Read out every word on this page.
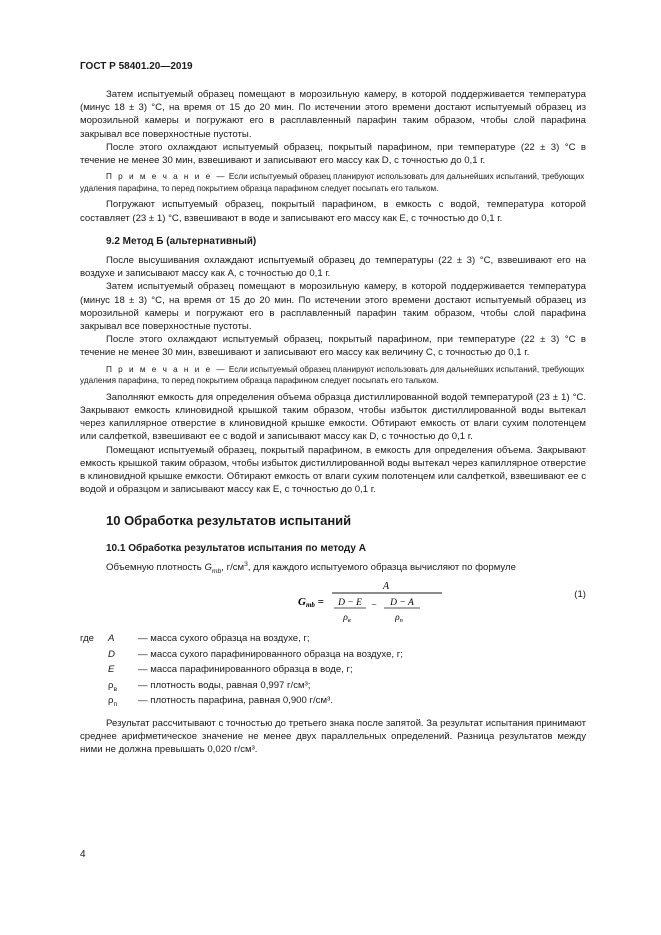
ГОСТ Р 58401.20—2019

Затем испытуемый образец помещают в морозильную камеру, в которой поддерживается температура (минус 18 ± 3) °С, на время от 15 до 20 мин. По истечении этого времени достают испытуемый образец из морозильной камеры и погружают его в расплавленный парафин таким образом, чтобы слой парафина закрывал все поверхностные пустоты.

После этого охлаждают испытуемый образец, покрытый парафином, при температуре (22 ± 3) °С в течение не менее 30 мин, взвешивают и записывают его массу как D, с точностью до 0,1 г.

П р и м е ч а н и е — Если испытуемый образец планируют использовать для дальнейших испытаний, требующих удаления парафина, то перед покрытием образца парафином следует посыпать его тальком.

Погружают испытуемый образец, покрытый парафином, в емкость с водой, температура которой составляет (23 ± 1) °С, взвешивают в воде и записывают его массу как E, с точностью до 0,1 г.

9.2 Метод Б (альтернативный)

После высушивания охлаждают испытуемый образец до температуры (22 ± 3) °С, взвешивают его на воздухе и записывают массу как A, с точностью до 0,1 г.

Затем испытуемый образец помещают в морозильную камеру, в которой поддерживается температура (минус 18 ± 3) °С, на время от 15 до 20 мин. По истечении этого времени достают испытуемый образец из морозильной камеры и погружают его в расплавленный парафин таким образом, чтобы слой парафина закрывал все поверхностные пустоты.

После этого охлаждают испытуемый образец, покрытый парафином, при температуре (22 ± 3) °С в течение не менее 30 мин, взвешивают и записывают его массу как величину C, с точностью до 0,1 г.

П р и м е ч а н и е — Если испытуемый образец планируют использовать для дальнейших испытаний, требующих удаления парафина, то перед покрытием образца парафином следует посыпать его тальком.

Заполняют емкость для определения объема образца дистиллированной водой температурой (23 ± 1) °С. Закрывают емкость клиновидной крышкой таким образом, чтобы избыток дистиллированной воды вытекал через капиллярное отверстие в клиновидной крышке емкости. Обтирают емкость от влаги сухим полотенцем или салфеткой, взвешивают ее с водой и записывают массу как D, с точностью до 0,1 г.

Помещают испытуемый образец, покрытый парафином, в емкость для определения объема. Закрывают емкость крышкой таким образом, чтобы избыток дистиллированной воды вытекал через капиллярное отверстие в клиновидной крышке емкости. Обтирают емкость от влаги сухим полотенцем или салфеткой, взвешивают ее с водой и образцом и записывают массу как E, с точностью до 0,1 г.

10 Обработка результатов испытаний
10.1 Обработка результатов испытания по методу А

Объемную плотность $G_{mb}$, $г/см^3$, для каждого испытуемого образца вычисляют по формуле

Gmb =
A
D − E
$\rho_в$
− D − A
$\rho_п$
(1)
где A — масса сухого образца на воздухе, г;
D — масса сухого парафинированного образца на воздухе, г;
E — масса парафинированного образца в воде, г;
$\rho_в$ — плотность воды, равная 0,997 г/см³;
$\rho_п$ — плотность парафина, равная 0,900 г/см³.

Результат рассчитывают с точностью до третьего знака после запятой. За результат испытания принимают среднее арифметическое значение не менее двух параллельных определений. Разница результатов между ними не должна превышать 0,020 г/см³.

4
